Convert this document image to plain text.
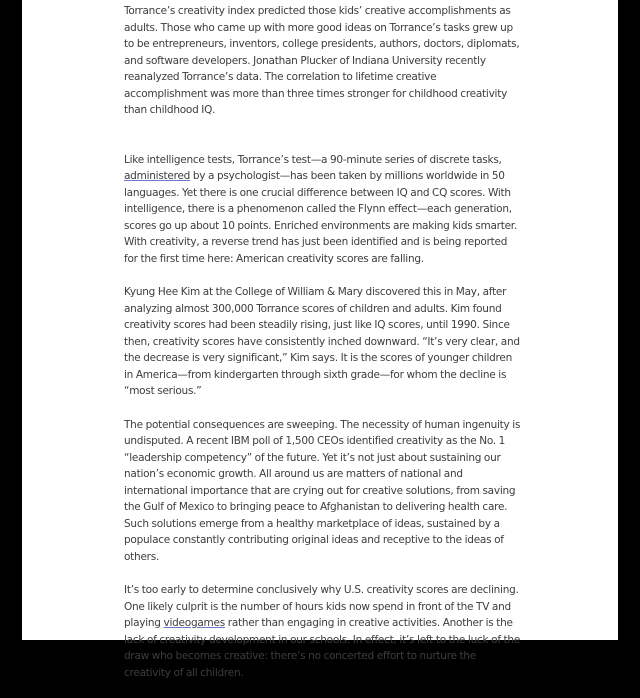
Torrance’s creativity index predicted those kids’ creative accomplishments as adults. Those who came up with more good ideas on Torrance’s tasks grew up to be entrepreneurs, inventors, college presidents, authors, doctors, diplomats, and software developers. Jonathan Plucker of Indiana University recently reanalyzed Torrance’s data. The correlation to lifetime creative accomplishment was more than three times stronger for childhood creativity than childhood IQ.

Like intelligence tests, Torrance’s test—a 90-minute series of discrete tasks, administered by a psychologist—has been taken by millions worldwide in 50 languages. Yet there is one crucial difference between IQ and CQ scores. With intelligence, there is a phenomenon called the Flynn effect—each generation, scores go up about 10 points. Enriched environments are making kids smarter. With creativity, a reverse trend has just been identified and is being reported for the first time here: American creativity scores are falling.

Kyung Hee Kim at the College of William & Mary discovered this in May, after analyzing almost 300,000 Torrance scores of children and adults. Kim found creativity scores had been steadily rising, just like IQ scores, until 1990. Since then, creativity scores have consistently inched downward. “It’s very clear, and the decrease is very significant,” Kim says. It is the scores of younger children in America—from kindergarten through sixth grade—for whom the decline is “most serious.”

The potential consequences are sweeping. The necessity of human ingenuity is undisputed. A recent IBM poll of 1,500 CEOs identified creativity as the No. 1 “leadership competency” of the future. Yet it’s not just about sustaining our nation’s economic growth. All around us are matters of national and international importance that are crying out for creative solutions, from saving the Gulf of Mexico to bringing peace to Afghanistan to delivering health care. Such solutions emerge from a healthy marketplace of ideas, sustained by a populace constantly contributing original ideas and receptive to the ideas of others.

It’s too early to determine conclusively why U.S. creativity scores are declining. One likely culprit is the number of hours kids now spend in front of the TV and playing videogames rather than engaging in creative activities. Another is the lack of creativity development in our schools. In effect, it’s left to the luck of the draw who becomes creative: there’s no concerted effort to nurture the creativity of all children.
